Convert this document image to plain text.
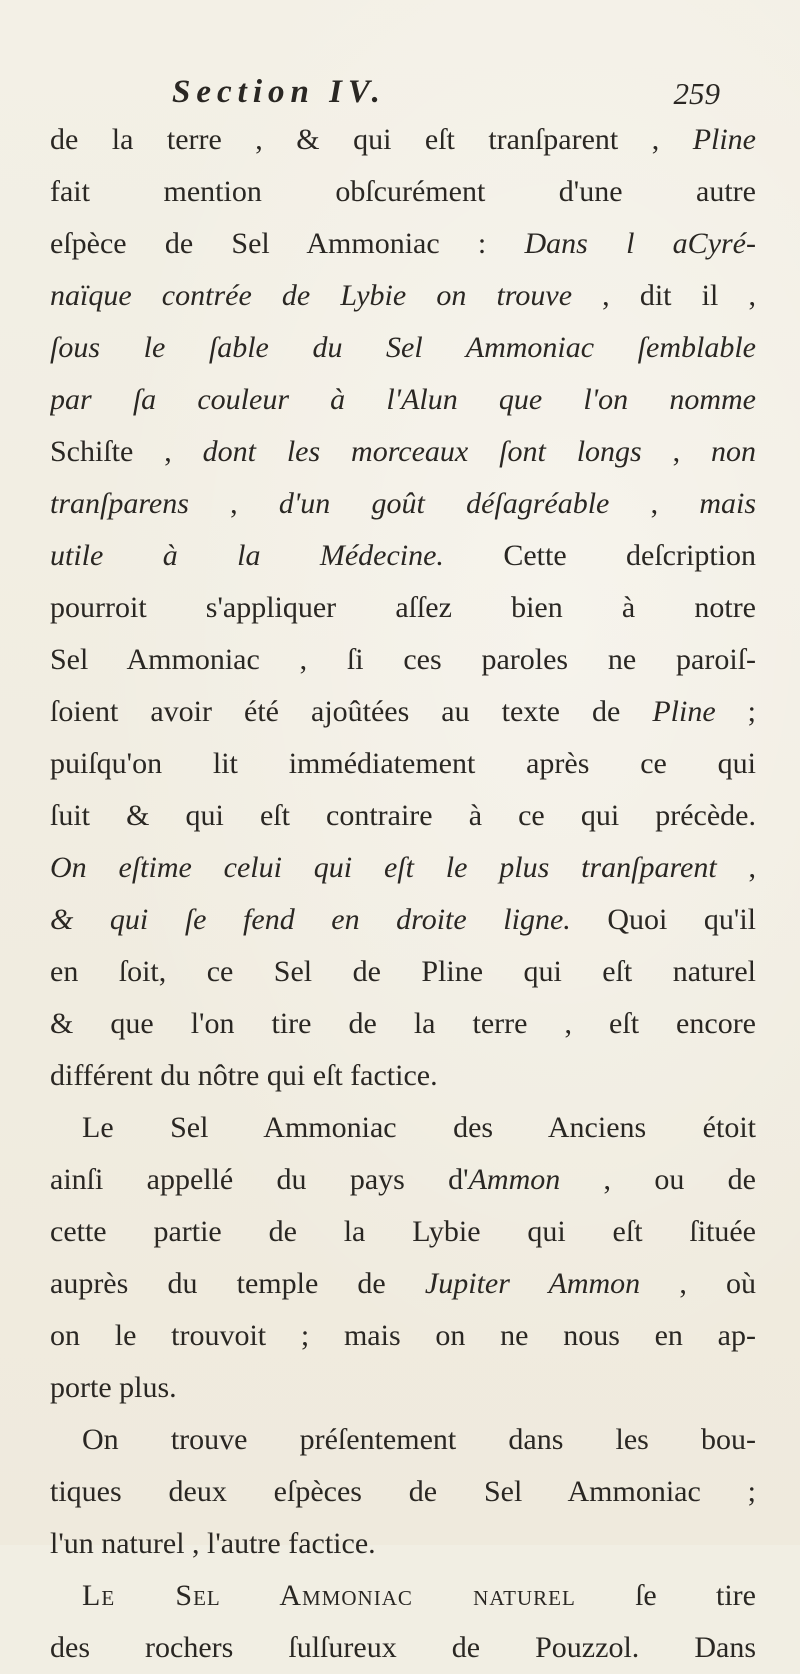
Section IV.	259
de la terre , & qui eſt tranſparent , Pline
fait mention obſcurément d'une autre
eſpèce de Sel Ammoniac : Dans l aCyré-
naïque contrée de Lybie on trouve , dit il ,
ſous le ſable du Sel Ammoniac ſemblable
par ſa couleur à l'Alun que l'on nomme
Schiſte , dont les morceaux ſont longs , non
tranſparens , d'un goût déſagréable , mais
utile à la Médecine. Cette deſcription
pourroit s'appliquer aſſez bien à notre
Sel Ammoniac , ſi ces paroles ne paroiſ-
ſoient avoir été ajoûtées au texte de Pline ;
puiſqu'on lit immédiatement après ce qui
ſuit & qui eſt contraire à ce qui précède.
On eſtime celui qui eſt le plus tranſparent ,
& qui ſe fend en droite ligne. Quoi qu'il
en ſoit, ce Sel de Pline qui eſt naturel
& que l'on tire de la terre , eſt encore
différent du nôtre qui eſt factice.
Le Sel Ammoniac des Anciens étoit
ainſi appellé du pays d'Ammon , ou de
cette partie de la Lybie qui eſt ſituée
auprès du temple de Jupiter Ammon , où
on le trouvoit ; mais on ne nous en ap-
porte plus.
On trouve préſentement dans les bou-
tiques deux eſpèces de Sel Ammoniac ;
l'un naturel , l'autre factice.
Le Sel Ammoniac naturel ſe tire
des rochers ſulſureux de Pouzzol. Dans
